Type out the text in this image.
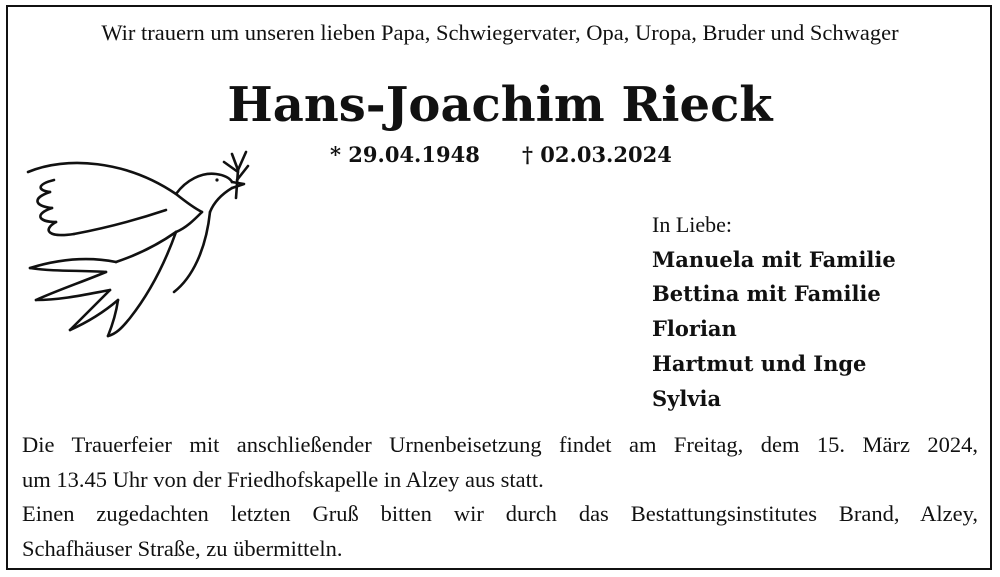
Wir trauern um unseren lieben Papa, Schwiegervater, Opa, Uropa, Bruder und Schwager
Hans-Joachim Rieck
* 29.04.1948 † 02.03.2024
In Liebe:
Manuela mit Familie
Bettina mit Familie
Florian
Hartmut und Inge
Sylvia
Die Trauerfeier mit anschließender Urnenbeisetzung findet am Freitag, dem 15. März 2024,
um 13.45 Uhr von der Friedhofskapelle in Alzey aus statt.
Einen zugedachten letzten Gruß bitten wir durch das Bestattungsinstitutes Brand, Alzey,
Schafhäuser Straße, zu übermitteln.
